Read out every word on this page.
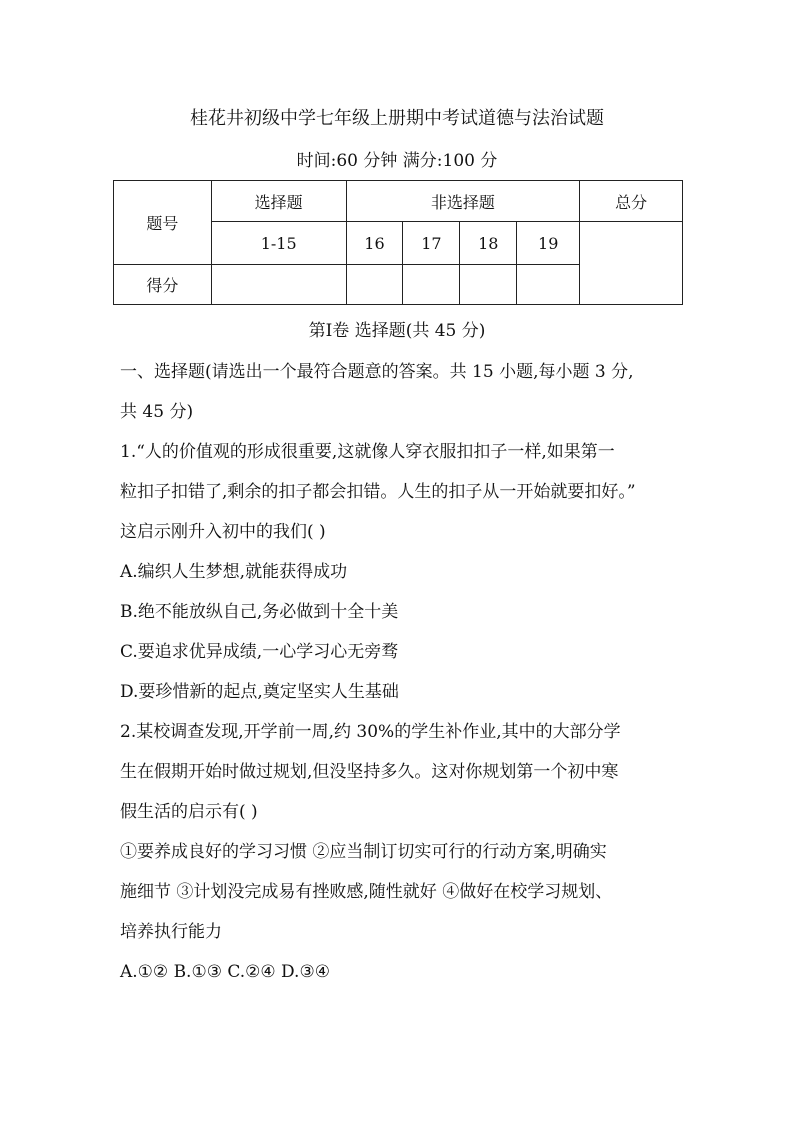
桂花井初级中学七年级上册期中考试道德与法治试题
时间:60 分钟 满分:100 分
题号	选择题	非选择题				总分
	1-15	16	17	18	19	
得分						
第Ⅰ卷 选择题(共 45 分)
一、选择题(请选出一个最符合题意的答案。共 15 小题,每小题 3 分,
共 45 分)
1.“人的价值观的形成很重要,这就像人穿衣服扣扣子一样,如果第一
粒扣子扣错了,剩余的扣子都会扣错。人生的扣子从一开始就要扣好。”
这启示刚升入初中的我们( )
A.编织人生梦想,就能获得成功
B.绝不能放纵自己,务必做到十全十美
C.要追求优异成绩,一心学习心无旁骛
D.要珍惜新的起点,奠定坚实人生基础
2.某校调查发现,开学前一周,约 30%的学生补作业,其中的大部分学
生在假期开始时做过规划,但没坚持多久。这对你规划第一个初中寒
假生活的启示有( )
①要养成良好的学习习惯 ②应当制订切实可行的行动方案,明确实
施细节 ③计划没完成易有挫败感,随性就好 ④做好在校学习规划、
培养执行能力
A.①② B.①③ C.②④ D.③④
